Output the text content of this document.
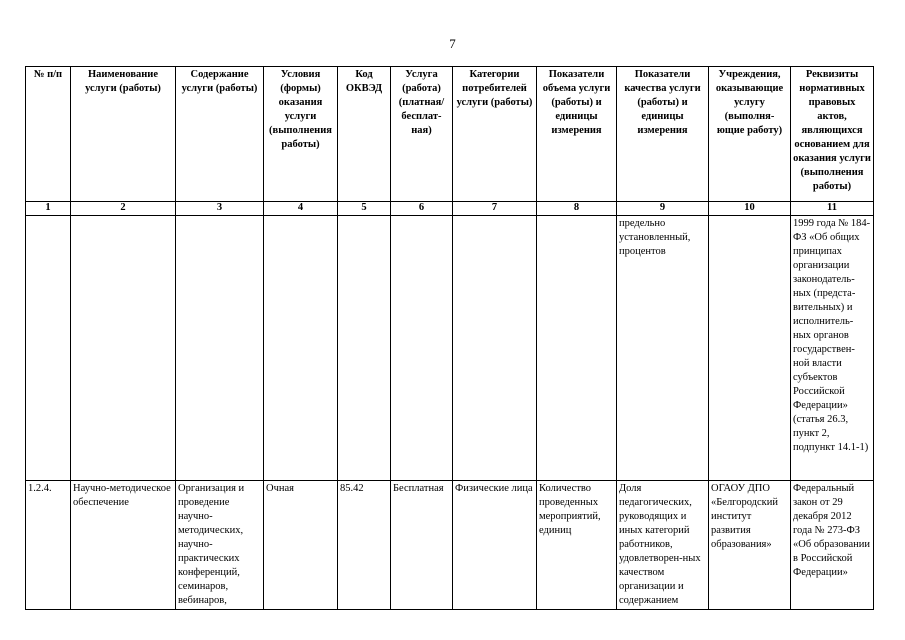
7
№ п/п	Наименование услуги (работы)	Содержание услуги (работы)	Условия (формы) оказания услуги (выполнения работы)	Код ОКВЭД	Услуга (работа) (платная/ бесплат-ная)	Категории потребителей услуги (работы)	Показатели объема услуги (работы) и единицы измерения	Показатели качества услуги (работы) и единицы измерения	Учреждения, оказывающие услугу (выполня-ющие работу)	Реквизиты нормативных правовых актов, являющихся основанием для оказания услуги (выполнения работы)
1	2	3	4	5	6	7	8	9	10	11
								предельно установленный, процентов		1999 года № 184-ФЗ «Об общих принципах организации законодатель-ных (предста-вительных) и исполнитель-ных органов государствен-ной власти субъектов Российской Федерации» (статья 26.3, пункт 2, подпункт 14.1-1)
1.2.4.	Научно-методическое обеспечение	Организация и проведение научно-методических, научно-практических конференций, семинаров, вебинаров,	Очная	85.42	Бесплатная	Физические лица	Количество проведенных мероприятий, единиц	Доля педагогических, руководящих и иных категорий работников, удовлетворен-ных качеством организации и содержанием	ОГАОУ ДПО «Белгородский институт развития образования»	Федеральный закон от 29 декабря 2012 года № 273-ФЗ «Об образовании в Российской Федерации»
